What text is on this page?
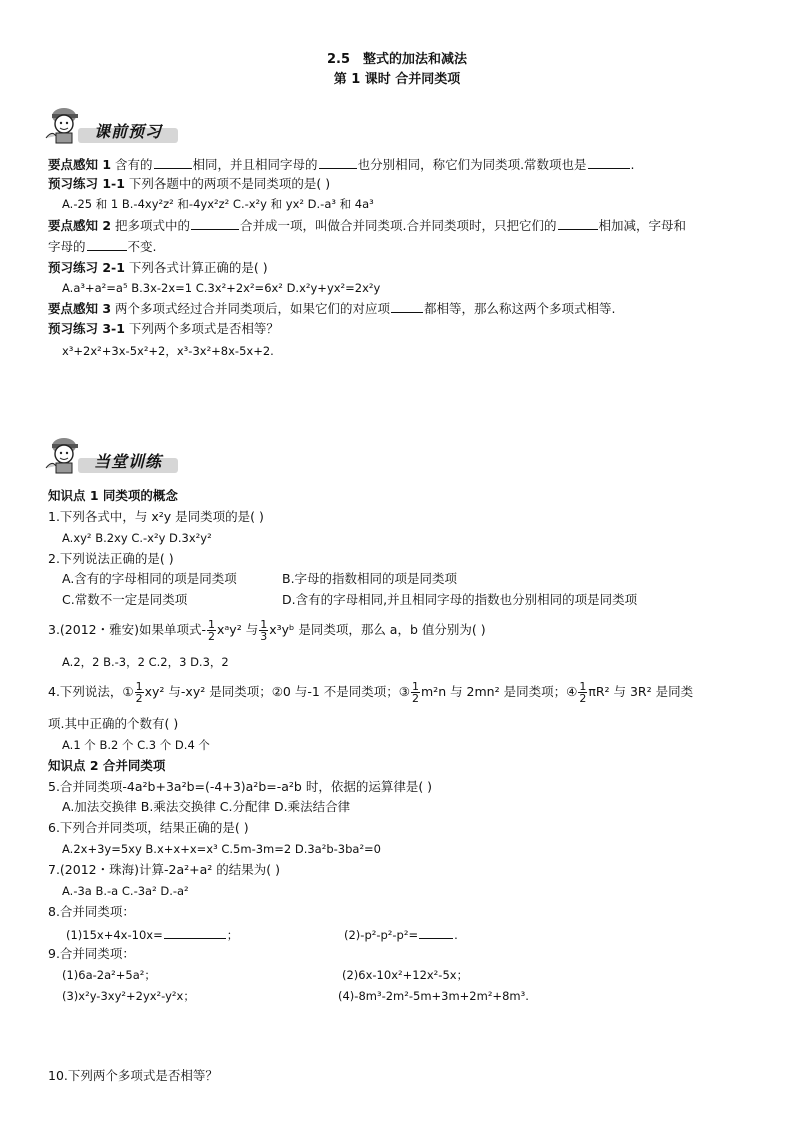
2.5　整式的加法和减法
第 1 课时 合并同类项
课前预习
要点感知 1 含有的	相同，并且相同字母的	也分别相同，称它们为同类项.常数项也是	.
预习练习 1-1 下列各题中的两项不是同类项的是( )
A.-25 和 1 B.-4xy²z² 和-4yx²z² C.-x²y 和 yx² D.-a³ 和 4a³
要点感知 2 把多项式中的	合并成一项，叫做合并同类项.合并同类项时，只把它们的	相加减，字母和
字母的	不变.
预习练习 2-1 下列各式计算正确的是( )
A.a³+a²=a⁵ B.3x-2x=1 C.3x²+2x²=6x² D.x²y+yx²=2x²y
要点感知 3 两个多项式经过合并同类项后，如果它们的对应项	都相等，那么称这两个多项式相等.
预习练习 3-1 下列两个多项式是否相等？
x³+2x²+3x-5x²+2，x³-3x²+8x-5x+2.
当堂训练
知识点 1 同类项的概念
1.下列各式中，与 x²y 是同类项的是( )
A.xy² B.2xy C.-x²y D.3x²y²
2.下列说法正确的是( )
A.含有的字母相同的项是同类项	B.字母的指数相同的项是同类项
C.常数不一定是同类项	D.含有的字母相同,并且相同字母的指数也分别相同的项是同类项
3.(2012・雅安)如果单项式- $\frac{1}{2}$ xᵃy² 与 $\frac{1}{3}$ x³yᵇ 是同类项，那么 a，b 值分别为( )
A.2，2 B.-3，2 C.2，3 D.3，2
4.下列说法，① $\frac{1}{2} xy^2$ 与-xy² 是同类项；②0 与-1 不是同类项；③ $\frac{1}{2} m^2n$ 与 2mn² 是同类项；④ $\frac{1}{2} \pi R^2$ 与 3R² 是同类
项.其中正确的个数有( )
A.1 个 B.2 个 C.3 个 D.4 个
知识点 2 合并同类项
5.合并同类项-4a²b+3a²b=(-4+3)a²b=-a²b 时，依据的运算律是( )
A.加法交换律 B.乘法交换律 C.分配律 D.乘法结合律
6.下列合并同类项，结果正确的是( )
A.2x+3y=5xy B.x+x+x=x³ C.5m-3m=2 D.3a²b-3ba²=0
7.(2012・珠海)计算-2a²+a² 的结果为( )
A.-3a B.-a C.-3a² D.-a²
8.合并同类项：
(1)15x+4x-10x=	；	(2)-p²-p²-p²=	.
9.合并同类项：
(1)6a-2a²+5a²；	(2)6x-10x²+12x²-5x；
(3)x²y-3xy²+2yx²-y²x；	(4)-8m³-2m²-5m+3m+2m²+8m³.
10.下列两个多项式是否相等？
